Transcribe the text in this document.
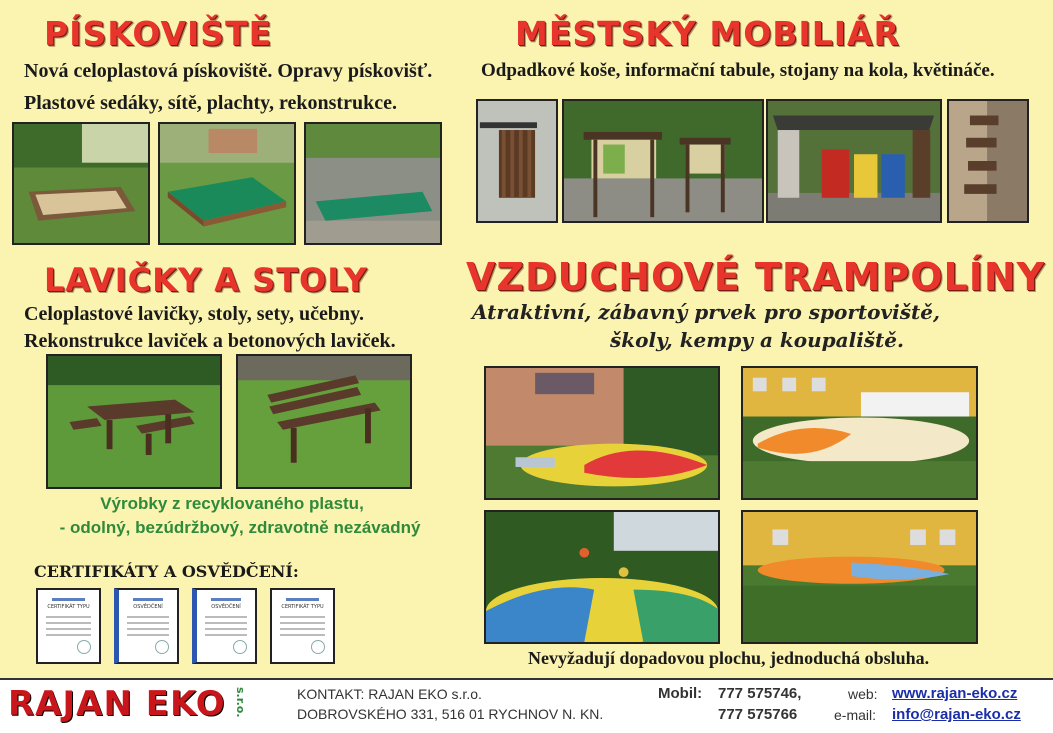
PÍSKOVIŠTĚ
Nová celoplastová pískoviště. Opravy pískovišť.
Plastové sedáky, sítě, plachty, rekonstrukce.
MĚSTSKÝ MOBILIÁŘ
Odpadkové koše, informační tabule, stojany na kola, květináče.
LAVIČKY A STOLY
Celoplastové lavičky, stoly, sety, učebny.
Rekonstrukce laviček a betonových laviček.
Výrobky z recyklovaného plastu,
- odolný, bezúdržbový, zdravotně nezávadný
CERTIFIKÁTY A OSVĚDČENÍ:
CERTIFIKÁT TYPU	OSVĚDČENÍ	OSVĚDČENÍ	CERTIFIKÁT TYPU
VZDUCHOVÉ TRAMPOLÍNY
Atraktivní, zábavný prvek pro sportoviště,
školy, kempy a koupaliště.
Nevyžadují dopadovou plochu, jednoduchá obsluha.
RAJAN EKO s.r.o.	KONTAKT: RAJAN EKO s.r.o.
DOBROVSKÉHO 331, 516 01 RYCHNOV N. KN.
Mobil: 777 575746,
777 575766
web: www.rajan-eko.cz
e-mail: info@rajan-eko.cz
